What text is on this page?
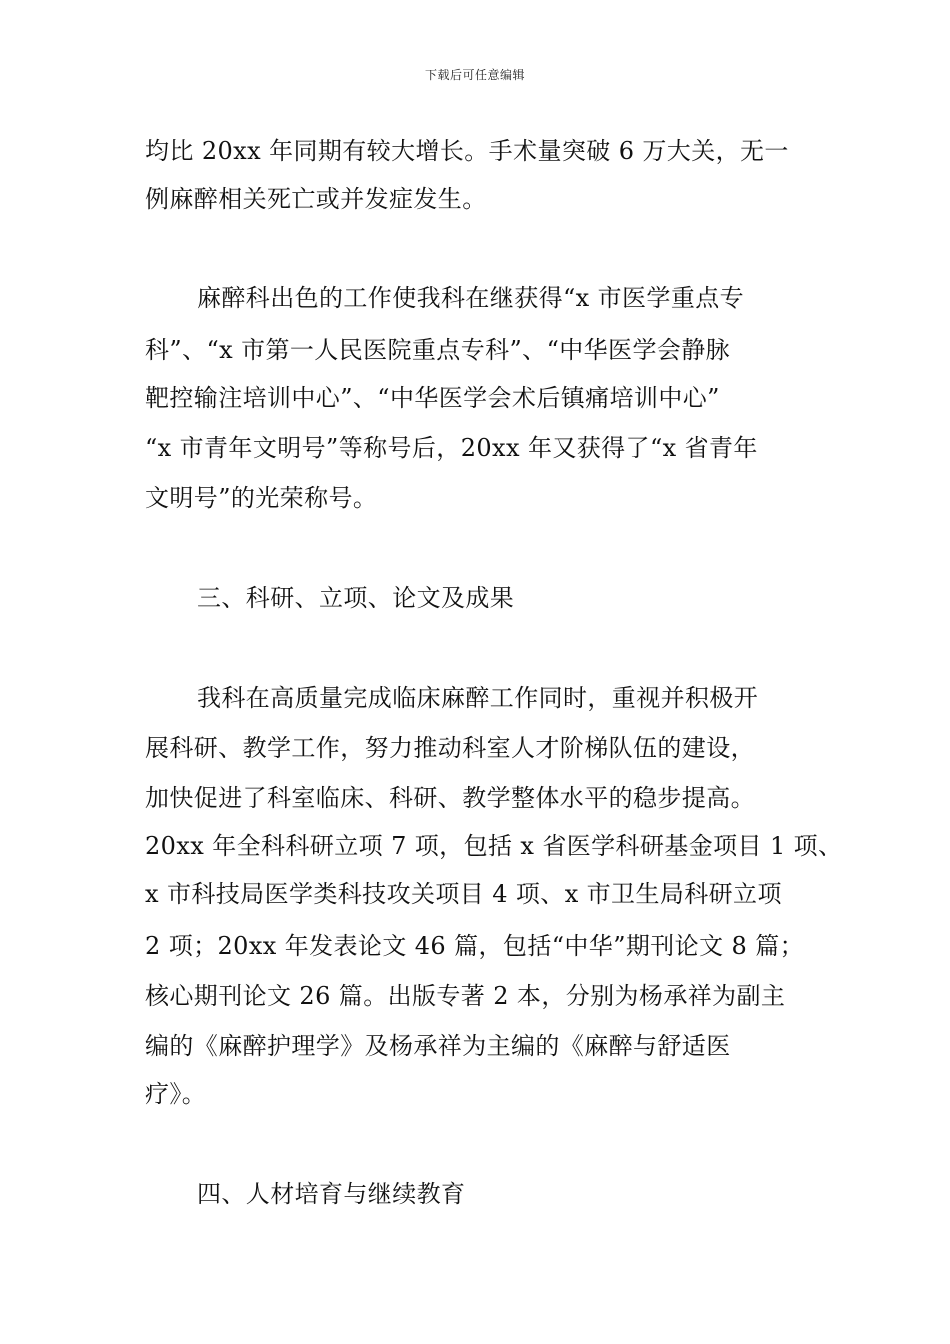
下载后可任意编辑
均比 20xx 年同期有较大增长。手术量突破 6 万大关，无一
例麻醉相关死亡或并发症发生。
麻醉科出色的工作使我科在继获得“x 市医学重点专
科”、“x 市第一人民医院重点专科”、“中华医学会静脉
靶控输注培训中心”、“中华医学会术后镇痛培训中心”
“x 市青年文明号”等称号后，20xx 年又获得了“x 省青年
文明号”的光荣称号。
三、科研、立项、论文及成果
我科在高质量完成临床麻醉工作同时，重视并积极开
展科研、教学工作，努力推动科室人才阶梯队伍的建设，
加快促进了科室临床、科研、教学整体水平的稳步提高。
20xx 年全科科研立项 7 项，包括 x 省医学科研基金项目 1 项、
x 市科技局医学类科技攻关项目 4 项、x 市卫生局科研立项
2 项；20xx 年发表论文 46 篇，包括“中华”期刊论文 8 篇；
核心期刊论文 26 篇。出版专著 2 本，分别为杨承祥为副主
编的《麻醉护理学》及杨承祥为主编的《麻醉与舒适医
疗》。
四、人材培育与继续教育
